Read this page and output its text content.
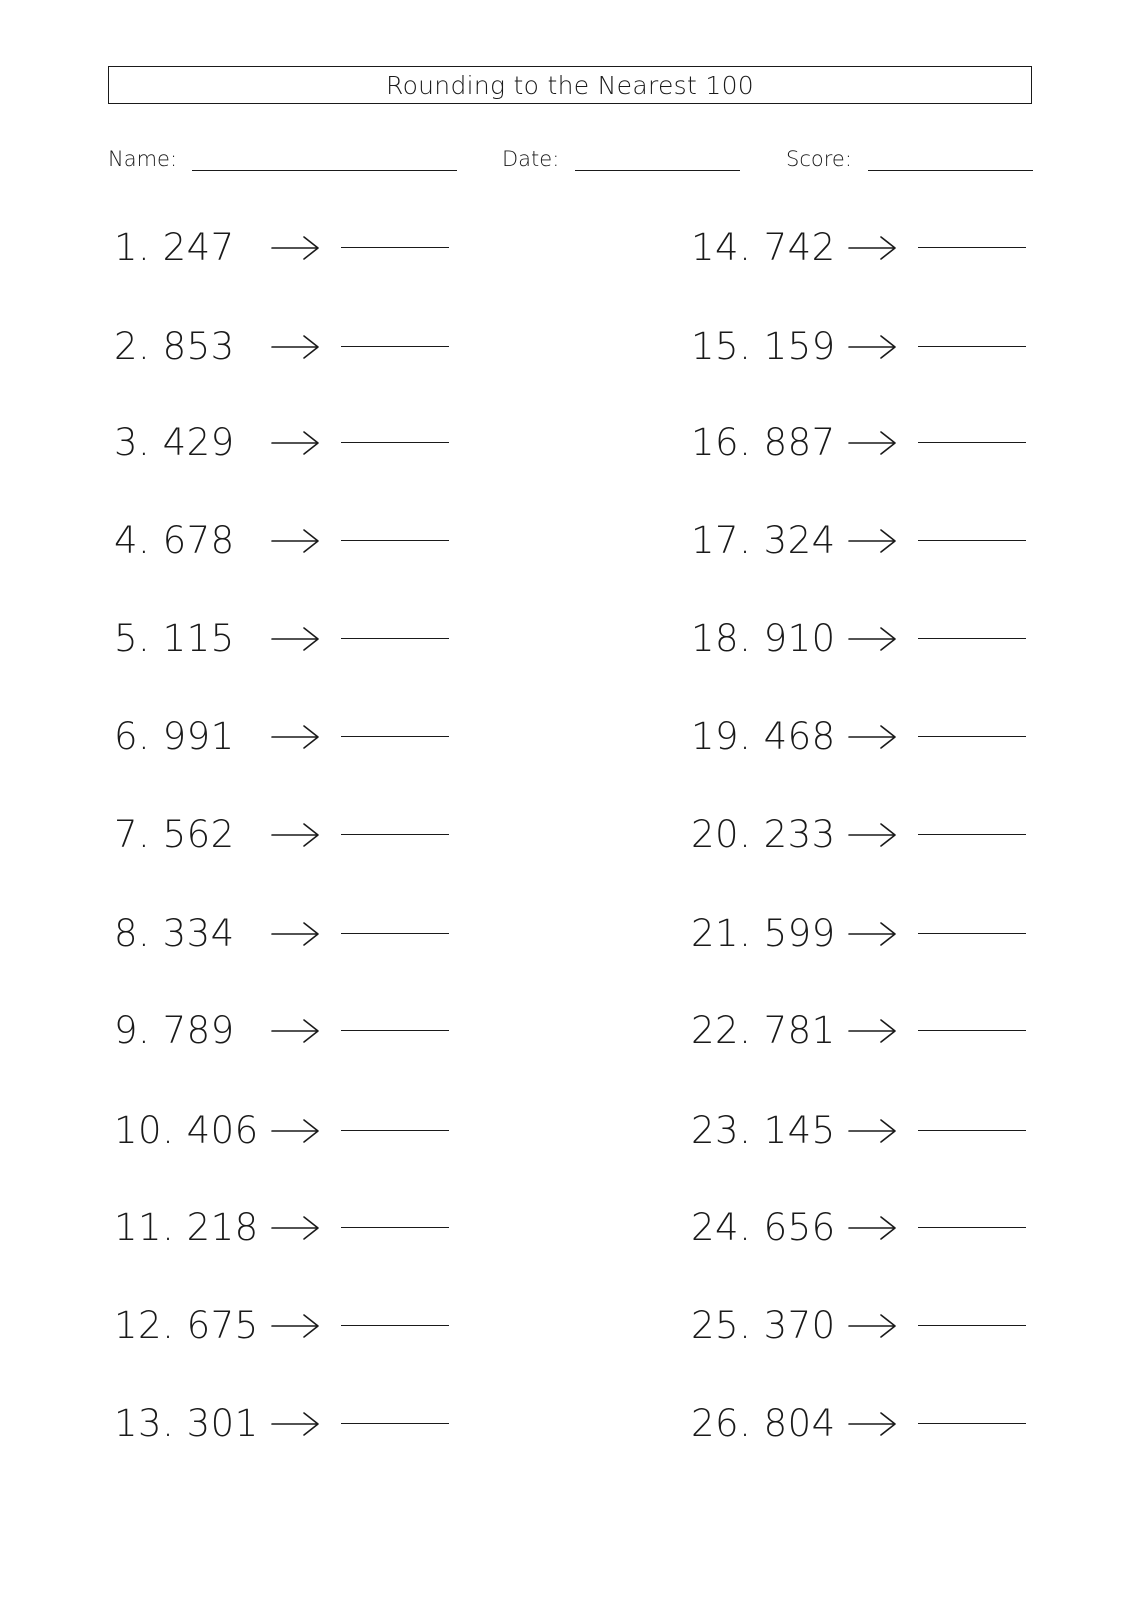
Rounding to the Nearest 100
Name:	Date:	Score:
1. 247
2. 853
3. 429
4. 678
5. 115
6. 991
7. 562
8. 334
9. 789
10. 406
11. 218
12. 675
13. 301
14. 742
15. 159
16. 887
17. 324
18. 910
19. 468
20. 233
21. 599
22. 781
23. 145
24. 656
25. 370
26. 804
